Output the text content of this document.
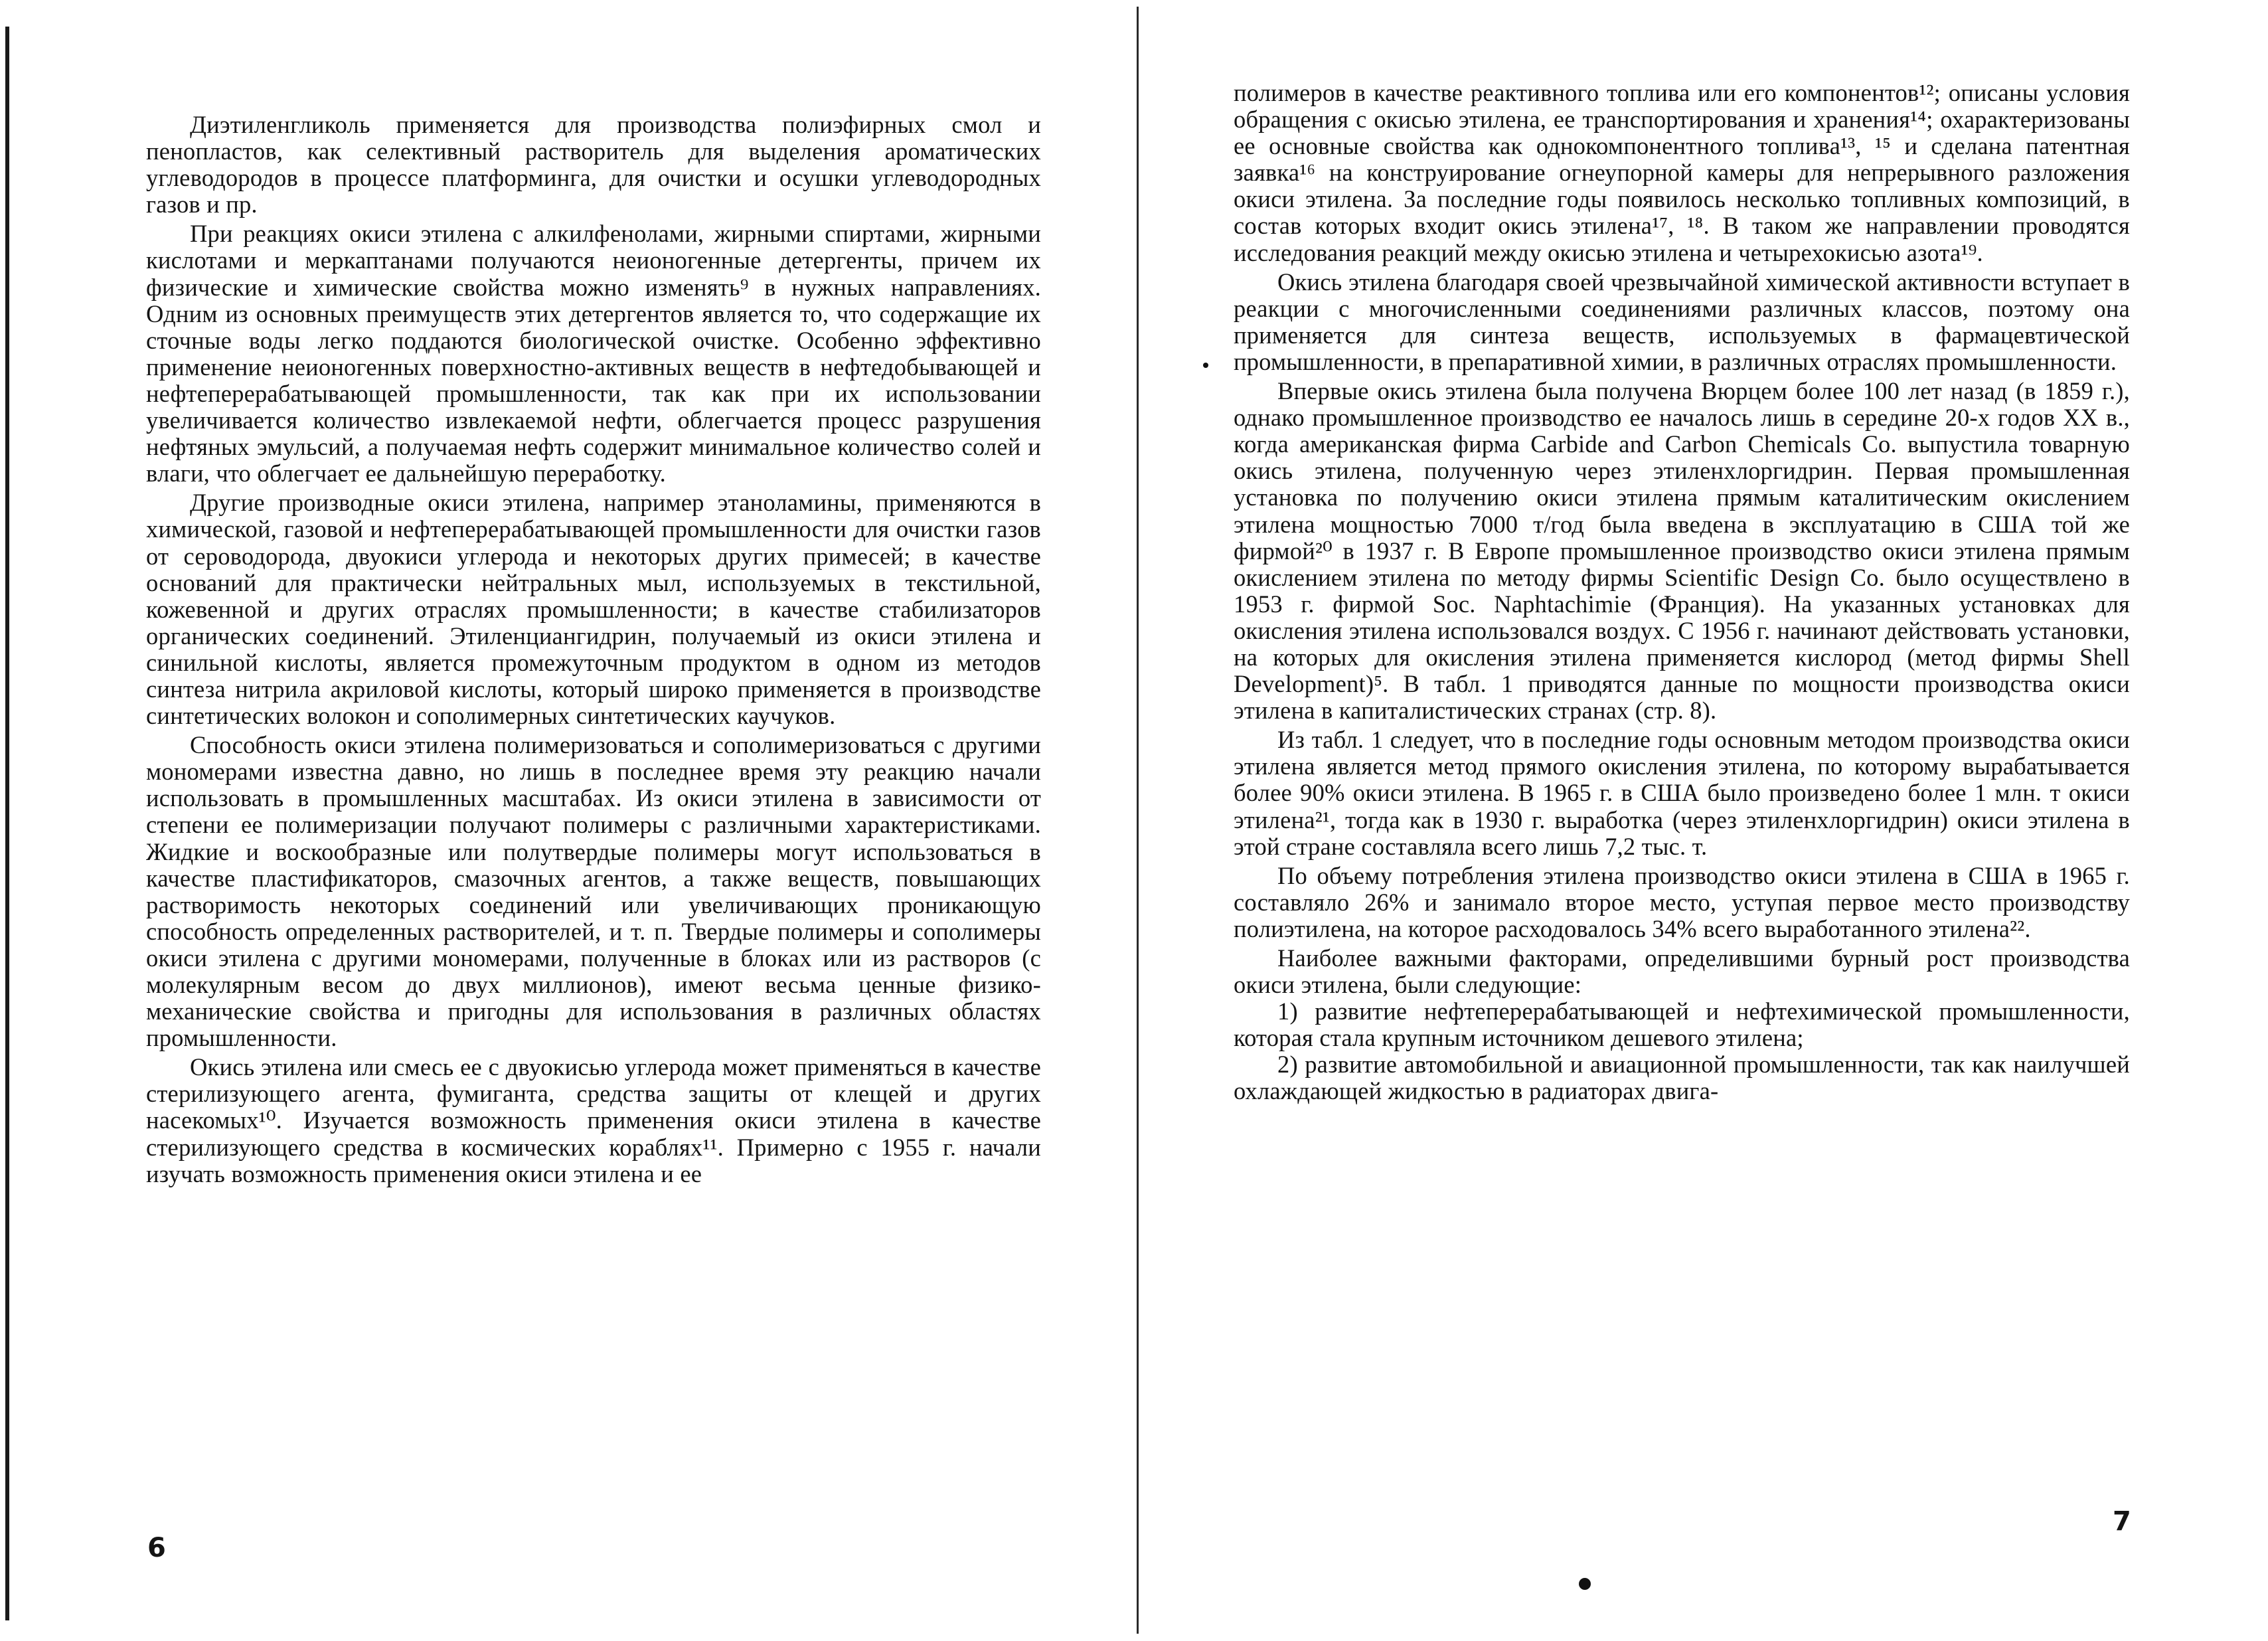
Диэтиленгликоль применяется для производства полиэфирных смол и пенопластов, как селективный растворитель для выделения ароматических углеводородов в процессе платформинга, для очистки и осушки углеводородных газов и пр.

При реакциях окиси этилена с алкилфенолами, жирными спиртами, жирными кислотами и меркаптанами получаются неионогенные детергенты, причем их физические и химические свойства можно изменять⁹ в нужных направлениях. Одним из основных преимуществ этих детергентов является то, что содержащие их сточные воды легко поддаются биологической очистке. Особенно эффективно применение неионогенных поверхностно-активных веществ в нефтедобывающей и нефтеперерабатывающей промышленности, так как при их использовании увеличивается количество извлекаемой нефти, облегчается процесс разрушения нефтяных эмульсий, а получаемая нефть содержит минимальное количество солей и влаги, что облегчает ее дальнейшую переработку.

Другие производные окиси этилена, например этаноламины, применяются в химической, газовой и нефтеперерабатывающей промышленности для очистки газов от сероводорода, двуокиси углерода и некоторых других примесей; в качестве оснований для практически нейтральных мыл, используемых в текстильной, кожевенной и других отраслях промышленности; в качестве стабилизаторов органических соединений. Этиленциангидрин, получаемый из окиси этилена и синильной кислоты, является промежуточным продуктом в одном из методов синтеза нитрила акриловой кислоты, который широко применяется в производстве синтетических волокон и сополимерных синтетических каучуков.

Способность окиси этилена полимеризоваться и сополимеризоваться с другими мономерами известна давно, но лишь в последнее время эту реакцию начали использовать в промышленных масштабах. Из окиси этилена в зависимости от степени ее полимеризации получают полимеры с различными характеристиками. Жидкие и воскообразные или полутвердые полимеры могут использоваться в качестве пластификаторов, смазочных агентов, а также веществ, повышающих растворимость некоторых соединений или увеличивающих проникающую способность определенных растворителей, и т. п. Твердые полимеры и сополимеры окиси этилена с другими мономерами, полученные в блоках или из растворов (с молекулярным весом до двух миллионов), имеют весьма ценные физико-механические свойства и пригодны для использования в различных областях промышленности.

Окись этилена или смесь ее с двуокисью углерода может применяться в качестве стерилизующего агента, фумиганта, средства защиты от клещей и других насекомых¹⁰. Изучается возможность применения окиси этилена в качестве стерилизующего средства в космических кораблях¹¹. Примерно с 1955 г. начали изучать возможность применения окиси этилена и ее

6

полимеров в качестве реактивного топлива или его компонентов¹²; описаны условия обращения с окисью этилена, ее транспортирования и хранения¹⁴; охарактеризованы ее основные свойства как однокомпонентного топлива¹³, ¹⁵ и сделана патентная заявка¹⁶ на конструирование огнеупорной камеры для непрерывного разложения окиси этилена. За последние годы появилось несколько топливных композиций, в состав которых входит окись этилена¹⁷, ¹⁸. В таком же направлении проводятся исследования реакций между окисью этилена и четырехокисью азота¹⁹.

Окись этилена благодаря своей чрезвычайной химической активности вступает в реакции с многочисленными соединениями различных классов, поэтому она применяется для синтеза веществ, используемых в фармацевтической промышленности, в препаративной химии, в различных отраслях промышленности.

Впервые окись этилена была получена Вюрцем более 100 лет назад (в 1859 г.), однако промышленное производство ее началось лишь в середине 20-х годов XX в., когда американская фирма Carbide and Carbon Chemicals Co. выпустила товарную окись этилена, полученную через этиленхлоргидрин. Первая промышленная установка по получению окиси этилена прямым каталитическим окислением этилена мощностью 7000 т/год была введена в эксплуатацию в США той же фирмой²⁰ в 1937 г. В Европе промышленное производство окиси этилена прямым окислением этилена по методу фирмы Scientific Design Co. было осуществлено в 1953 г. фирмой Soc. Naphtachimie (Франция). На указанных установках для окисления этилена использовался воздух. С 1956 г. начинают действовать установки, на которых для окисления этилена применяется кислород (метод фирмы Shell Development)⁵. В табл. 1 приводятся данные по мощности производства окиси этилена в капиталистических странах (стр. 8).

Из табл. 1 следует, что в последние годы основным методом производства окиси этилена является метод прямого окисления этилена, по которому вырабатывается более 90% окиси этилена. В 1965 г. в США было произведено более 1 млн. т окиси этилена²¹, тогда как в 1930 г. выработка (через этиленхлоргидрин) окиси этилена в этой стране составляла всего лишь 7,2 тыс. т.

По объему потребления этилена производство окиси этилена в США в 1965 г. составляло 26% и занимало второе место, уступая первое место производству полиэтилена, на которое расходовалось 34% всего выработанного этилена²².

Наиболее важными факторами, определившими бурный рост производства окиси этилена, были следующие:

1) развитие нефтеперерабатывающей и нефтехимической промышленности, которая стала крупным источником дешевого этилена;

2) развитие автомобильной и авиационной промышленности, так как наилучшей охлаждающей жидкостью в радиаторах двига-

7
